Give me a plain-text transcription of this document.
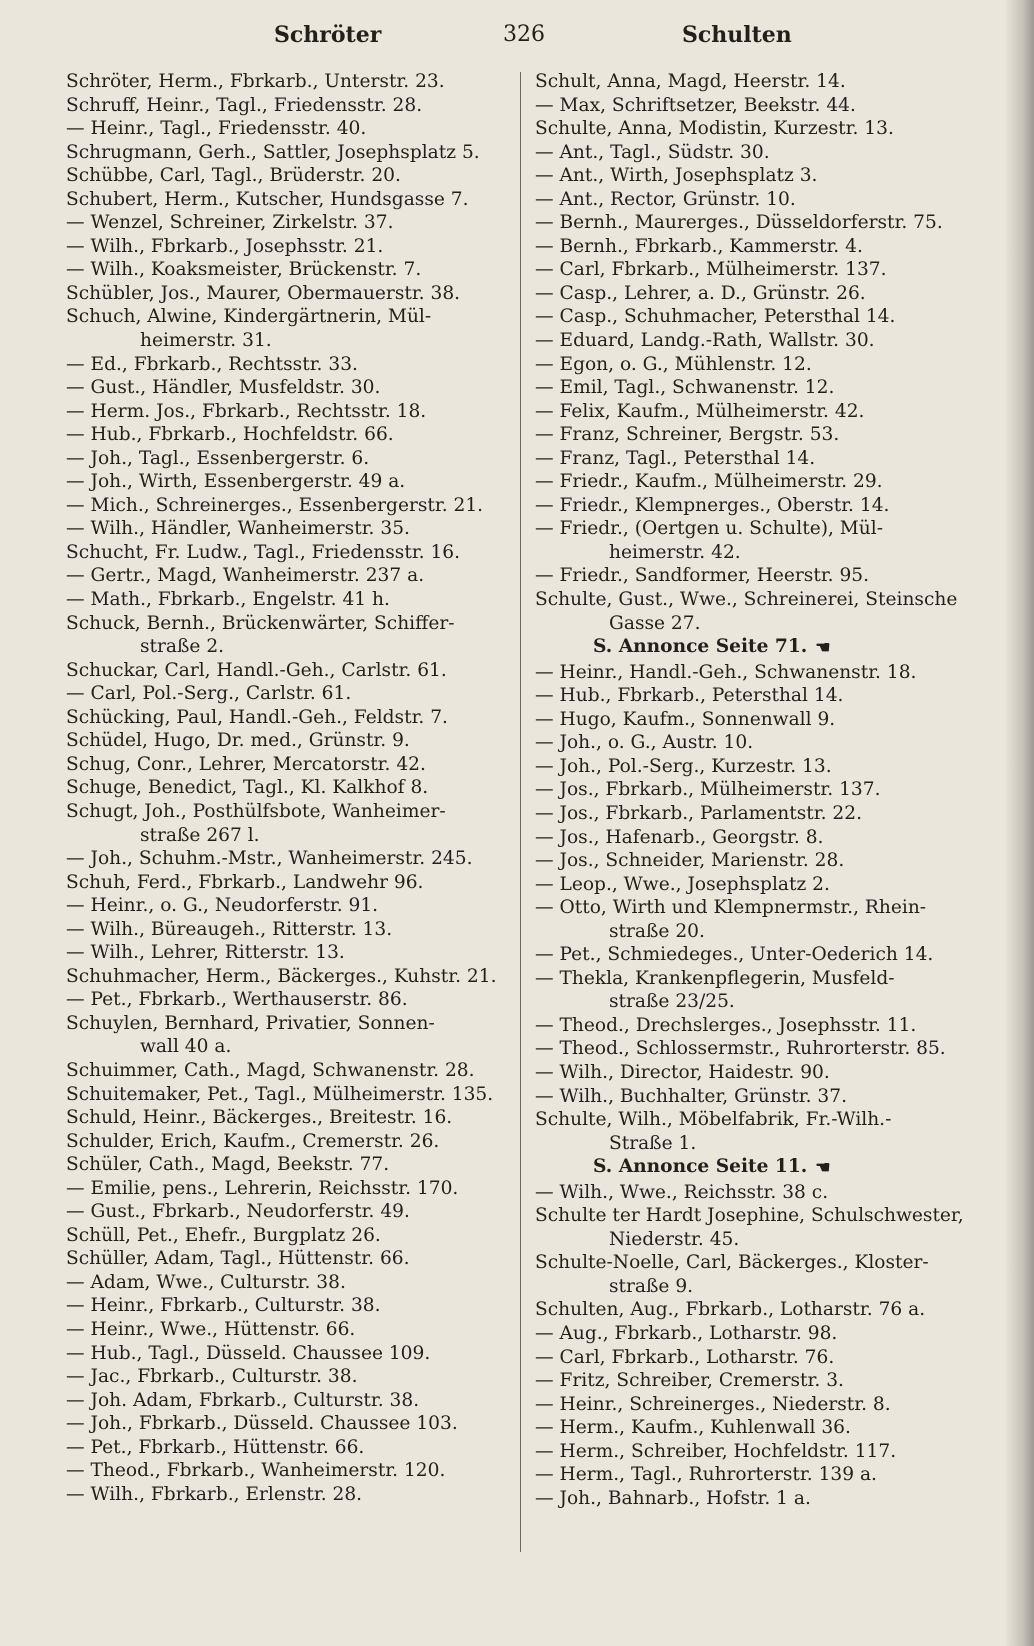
Schröter	326	Schulten
Schröter, Herm., Fbrkarb., Unterstr. 23.
Schruff, Heinr., Tagl., Friedensstr. 28.
— Heinr., Tagl., Friedensstr. 40.
Schrugmann, Gerh., Sattler, Josephsplatz 5.
Schübbe, Carl, Tagl., Brüderstr. 20.
Schubert, Herm., Kutscher, Hundsgasse 7.
— Wenzel, Schreiner, Zirkelstr. 37.
— Wilh., Fbrkarb., Josephsstr. 21.
— Wilh., Koaksmeister, Brückenstr. 7.
Schübler, Jos., Maurer, Obermauerstr. 38.
Schuch, Alwine, Kindergärtnerin, Mül-
heimerstr. 31.
— Ed., Fbrkarb., Rechtsstr. 33.
— Gust., Händler, Musfeldstr. 30.
— Herm. Jos., Fbrkarb., Rechtsstr. 18.
— Hub., Fbrkarb., Hochfeldstr. 66.
— Joh., Tagl., Essenbergerstr. 6.
— Joh., Wirth, Essenbergerstr. 49 a.
— Mich., Schreinerges., Essenbergerstr. 21.
— Wilh., Händler, Wanheimerstr. 35.
Schucht, Fr. Ludw., Tagl., Friedensstr. 16.
— Gertr., Magd, Wanheimerstr. 237 a.
— Math., Fbrkarb., Engelstr. 41 h.
Schuck, Bernh., Brückenwärter, Schiffer-
straße 2.
Schuckar, Carl, Handl.-Geh., Carlstr. 61.
— Carl, Pol.-Serg., Carlstr. 61.
Schücking, Paul, Handl.-Geh., Feldstr. 7.
Schüdel, Hugo, Dr. med., Grünstr. 9.
Schug, Conr., Lehrer, Mercatorstr. 42.
Schuge, Benedict, Tagl., Kl. Kalkhof 8.
Schugt, Joh., Posthülfsbote, Wanheimer-
straße 267 l.
— Joh., Schuhm.-Mstr., Wanheimerstr. 245.
Schuh, Ferd., Fbrkarb., Landwehr 96.
— Heinr., o. G., Neudorferstr. 91.
— Wilh., Büreaugeh., Ritterstr. 13.
— Wilh., Lehrer, Ritterstr. 13.
Schuhmacher, Herm., Bäckerges., Kuhstr. 21.
— Pet., Fbrkarb., Werthauserstr. 86.
Schuylen, Bernhard, Privatier, Sonnen-
wall 40 a.
Schuimmer, Cath., Magd, Schwanenstr. 28.
Schuitemaker, Pet., Tagl., Mülheimerstr. 135.
Schuld, Heinr., Bäckerges., Breitestr. 16.
Schulder, Erich, Kaufm., Cremerstr. 26.
Schüler, Cath., Magd, Beekstr. 77.
— Emilie, pens., Lehrerin, Reichsstr. 170.
— Gust., Fbrkarb., Neudorferstr. 49.
Schüll, Pet., Ehefr., Burgplatz 26.
Schüller, Adam, Tagl., Hüttenstr. 66.
— Adam, Wwe., Culturstr. 38.
— Heinr., Fbrkarb., Culturstr. 38.
— Heinr., Wwe., Hüttenstr. 66.
— Hub., Tagl., Düsseld. Chaussee 109.
— Jac., Fbrkarb., Culturstr. 38.
— Joh. Adam, Fbrkarb., Culturstr. 38.
— Joh., Fbrkarb., Düsseld. Chaussee 103.
— Pet., Fbrkarb., Hüttenstr. 66.
— Theod., Fbrkarb., Wanheimerstr. 120.
— Wilh., Fbrkarb., Erlenstr. 28.
Schult, Anna, Magd, Heerstr. 14.
— Max, Schriftsetzer, Beekstr. 44.
Schulte, Anna, Modistin, Kurzestr. 13.
— Ant., Tagl., Südstr. 30.
— Ant., Wirth, Josephsplatz 3.
— Ant., Rector, Grünstr. 10.
— Bernh., Maurerges., Düsseldorferstr. 75.
— Bernh., Fbrkarb., Kammerstr. 4.
— Carl, Fbrkarb., Mülheimerstr. 137.
— Casp., Lehrer, a. D., Grünstr. 26.
— Casp., Schuhmacher, Petersthal 14.
— Eduard, Landg.-Rath, Wallstr. 30.
— Egon, o. G., Mühlenstr. 12.
— Emil, Tagl., Schwanenstr. 12.
— Felix, Kaufm., Mülheimerstr. 42.
— Franz, Schreiner, Bergstr. 53.
— Franz, Tagl., Petersthal 14.
— Friedr., Kaufm., Mülheimerstr. 29.
— Friedr., Klempnerges., Oberstr. 14.
— Friedr., (Oertgen u. Schulte), Mül-
heimerstr. 42.
— Friedr., Sandformer, Heerstr. 95.
Schulte, Gust., Wwe., Schreinerei, Steinsche
Gasse 27.
S. Annonce Seite 71. ☚
— Heinr., Handl.-Geh., Schwanenstr. 18.
— Hub., Fbrkarb., Petersthal 14.
— Hugo, Kaufm., Sonnenwall 9.
— Joh., o. G., Austr. 10.
— Joh., Pol.-Serg., Kurzestr. 13.
— Jos., Fbrkarb., Mülheimerstr. 137.
— Jos., Fbrkarb., Parlamentstr. 22.
— Jos., Hafenarb., Georgstr. 8.
— Jos., Schneider, Marienstr. 28.
— Leop., Wwe., Josephsplatz 2.
— Otto, Wirth und Klempnermstr., Rhein-
straße 20.
— Pet., Schmiedeges., Unter-Oederich 14.
— Thekla, Krankenpflegerin, Musfeld-
straße 23/25.
— Theod., Drechslerges., Josephsstr. 11.
— Theod., Schlossermstr., Ruhrorterstr. 85.
— Wilh., Director, Haidestr. 90.
— Wilh., Buchhalter, Grünstr. 37.
Schulte, Wilh., Möbelfabrik, Fr.-Wilh.-
Straße 1.
S. Annonce Seite 11. ☚
— Wilh., Wwe., Reichsstr. 38 c.
Schulte ter Hardt Josephine, Schulschwester,
Niederstr. 45.
Schulte-Noelle, Carl, Bäckerges., Kloster-
straße 9.
Schulten, Aug., Fbrkarb., Lotharstr. 76 a.
— Aug., Fbrkarb., Lotharstr. 98.
— Carl, Fbrkarb., Lotharstr. 76.
— Fritz, Schreiber, Cremerstr. 3.
— Heinr., Schreinerges., Niederstr. 8.
— Herm., Kaufm., Kuhlenwall 36.
— Herm., Schreiber, Hochfeldstr. 117.
— Herm., Tagl., Ruhrorterstr. 139 a.
— Joh., Bahnarb., Hofstr. 1 a.
